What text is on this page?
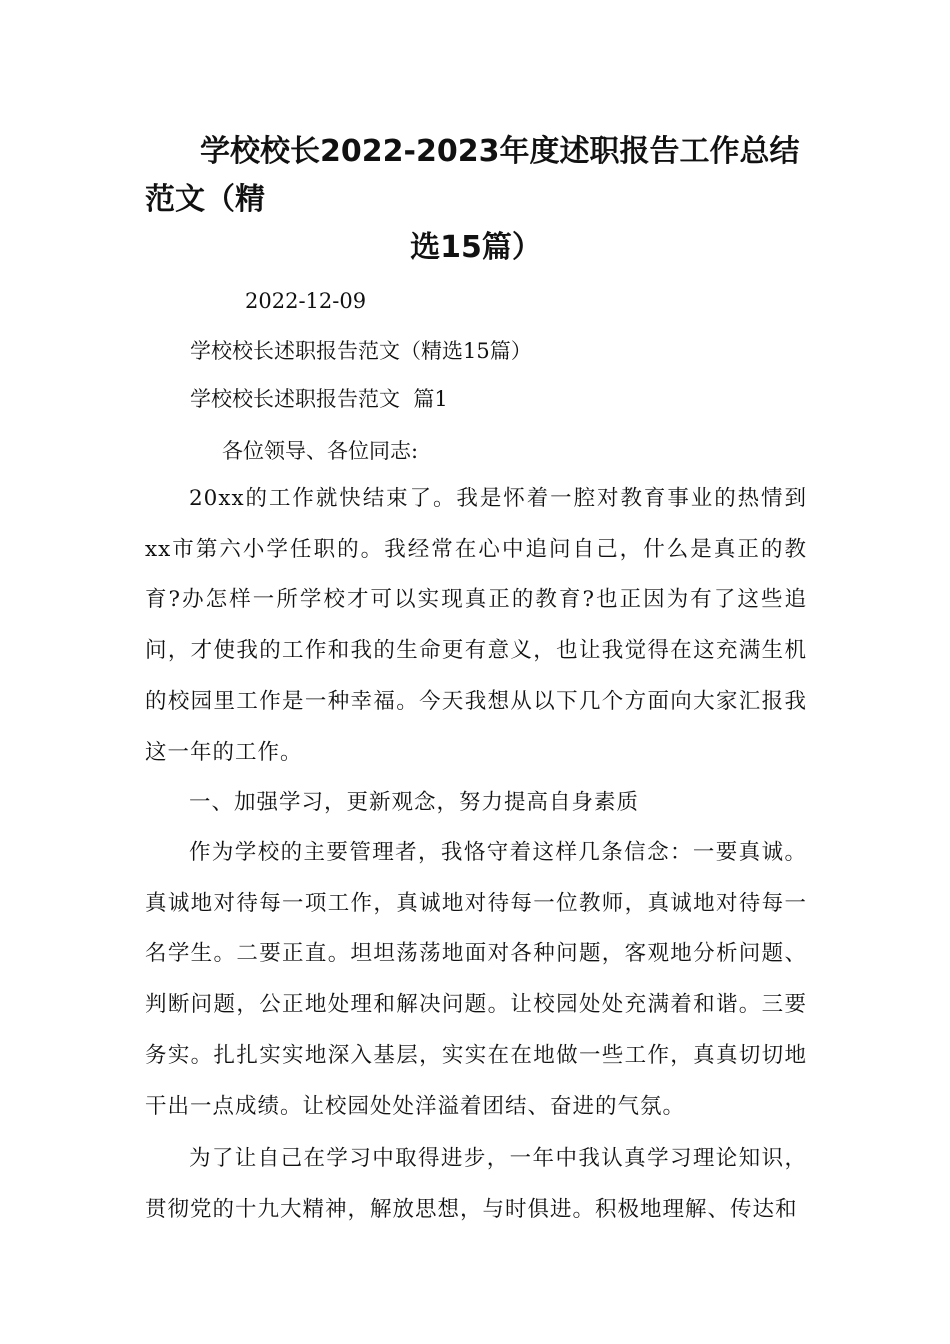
学校校长2022-2023年度述职报告工作总结范文（精
选15篇）

2022-12-09

学校校长述职报告范文（精选15篇）

学校校长述职报告范文  篇1

各位领导、各位同志:

20xx的工作就快结束了。我是怀着一腔对教育事业的热情到xx市第六小学任职的。我经常在心中追问自己，什么是真正的教育?办怎样一所学校才可以实现真正的教育?也正因为有了这些追问，才使我的工作和我的生命更有意义，也让我觉得在这充满生机的校园里工作是一种幸福。今天我想从以下几个方面向大家汇报我这一年的工作。

一、加强学习，更新观念，努力提高自身素质

作为学校的主要管理者，我恪守着这样几条信念：一要真诚。真诚地对待每一项工作，真诚地对待每一位教师，真诚地对待每一名学生。二要正直。坦坦荡荡地面对各种问题，客观地分析问题、判断问题，公正地处理和解决问题。让校园处处充满着和谐。三要务实。扎扎实实地深入基层，实实在在地做一些工作，真真切切地干出一点成绩。让校园处处洋溢着团结、奋进的气氛。

为了让自己在学习中取得进步，一年中我认真学习理论知识，贯彻党的十九大精神，解放思想，与时俱进。积极地理解、传达和
